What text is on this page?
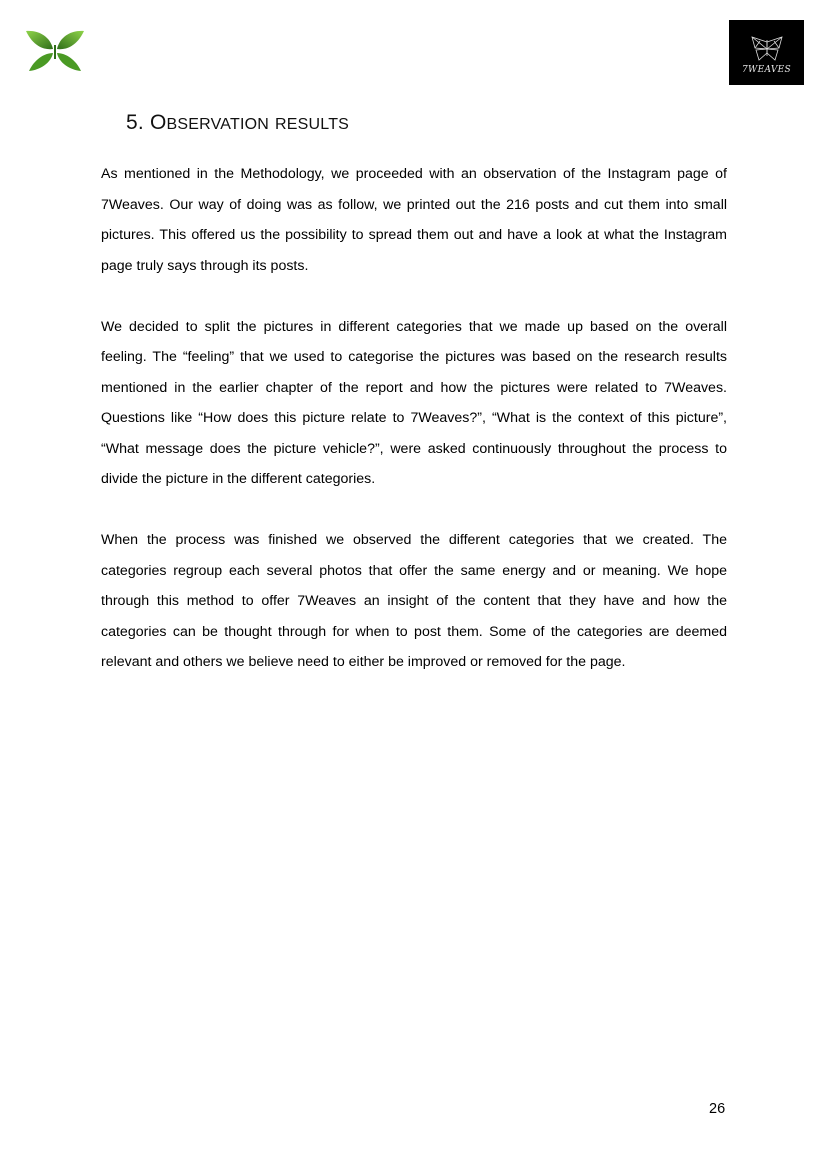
7WEAVES
5. OBSERVATION RESULTS

As mentioned in the Methodology, we proceeded with an observation of the Instagram page of 7Weaves. Our way of doing was as follow, we printed out the 216 posts and cut them into small pictures. This offered us the possibility to spread them out and have a look at what the Instagram page truly says through its posts.

We decided to split the pictures in different categories that we made up based on the overall feeling. The “feeling” that we used to categorise the pictures was based on the research results mentioned in the earlier chapter of the report and how the pictures were related to 7Weaves. Questions like “How does this picture relate to 7Weaves?”, “What is the context of this picture”, “What message does the picture vehicle?”, were asked continuously throughout the process to divide the picture in the different categories.

When the process was finished we observed the different categories that we created. The categories regroup each several photos that offer the same energy and or meaning. We hope through this method to offer 7Weaves an insight of the content that they have and how the categories can be thought through for when to post them. Some of the categories are deemed relevant and others we believe need to either be improved or removed for the page.

26
